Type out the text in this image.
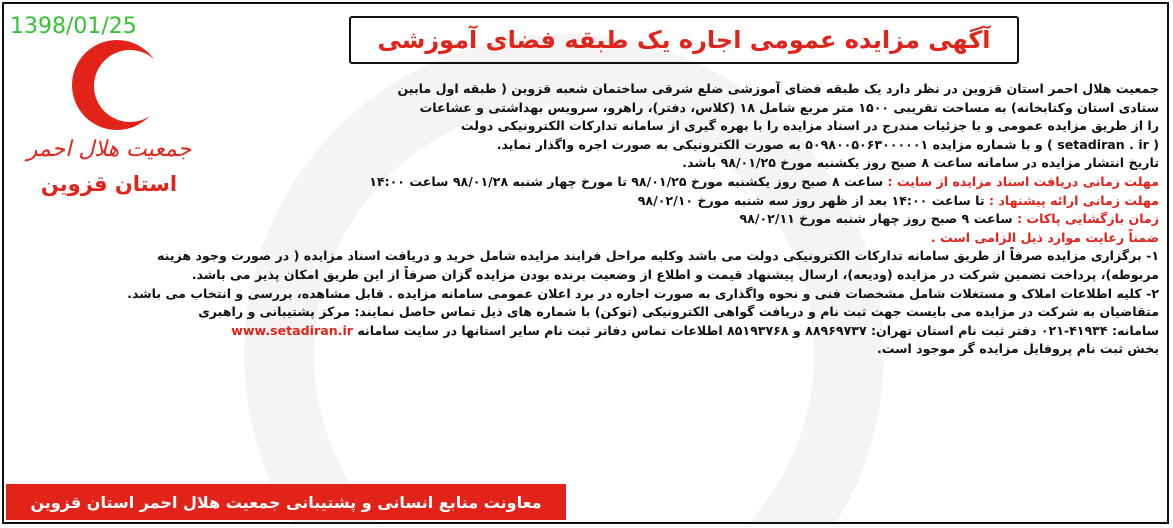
جمعیت هلال احمر
استان قزوین
آگهی مزایده عمومی اجاره یک طبقه فضای آموزشی

جمعیت هلال احمر استان قزوین در نظر دارد یک طبقه فضای آموزشی ضلع شرقی ساختمان شعبه قزوین ( طبقه اول مابین

ستادی استان وکتابخانه) به مساحت تقریبی ۱۵۰۰ متر مربع شامل ۱۸ (کلاس، دفتر)، راهرو، سرویس بهداشتی و عشاعات

را از طریق مزایده عمومی و با جزئیات مندرج در اسناد مزایده را با بهره گیری از سامانه تدارکات الکترونیکی دولت

( setadiran . ir ) و با شماره مزایده ۵۰۹۸۰۰۵۰۶۳۰۰۰۰۰۱ به صورت الکترونیکی به صورت اجره واگذار نماید.

تاریخ انتشار مزایده در سامانه ساعت ۸ صبح روز یکشنبه مورخ ۹۸/۰۱/۲۵ باشد.

مهلت زمانی دریافت اسناد مزایده از سایت : ساعت ۸ صبح روز یکشنبه مورخ ۹۸/۰۱/۲۵ تا مورخ چهار شنبه ۹۸/۰۱/۲۸ ساعت ۱۴:۰۰

مهلت زمانی ارائه پیشنهاد : تا ساعت ۱۴:۰۰ بعد از ظهر روز سه شنبه مورخ ۹۸/۰۲/۱۰

زمان بازگشایی پاکات : ساعت ۹ صبح روز چهار شنبه مورخ ۹۸/۰۲/۱۱

ضمناً رعایت موارد ذیل الزامی است .

۱- برگزاری مزایده صرفاً از طریق سامانه تدارکات الکترونیکی دولت می باشد وکلیه مراحل فرایند مزایده شامل خرید و دریافت اسناد مزایده ( در صورت وجود هزینه

مربوطه)، پرداخت تضمین شرکت در مزایده (ودیعه)، ارسال پیشنهاد قیمت و اطلاع از وضعیت برنده بودن مزایده گزان صرفاً از این طریق امکان پذیر می باشد.

۲- کلیه اطلاعات املاک و مستغلات شامل مشخصات فنی و نحوه واگذاری به صورت اجاره در برد اعلان عمومی سامانه مزایده . قابل مشاهده، بررسی و انتخاب می باشد.

متقاضیان به شرکت در مزایده می بایست جهت ثبت نام و دریافت گواهی الکترونیکی (توکن) با شماره های ذیل تماس حاصل نمایند: مرکز پشتیبانی و راهبری

سامانه: ۴۱۹۳۴-۰۲۱ دفتر ثبت نام استان تهران: ۸۸۹۶۹۷۳۷ و ۸۵۱۹۳۷۶۸ اطلاعات تماس دفاتر ثبت نام سایر استانها در سایت سامانه www.setadiran.ir

بخش ثبت نام پروفایل مزایده گر موجود است.

معاونت منابع انسانی و پشتیبانی جمعیت هلال احمر استان قزوین
1398/01/25
